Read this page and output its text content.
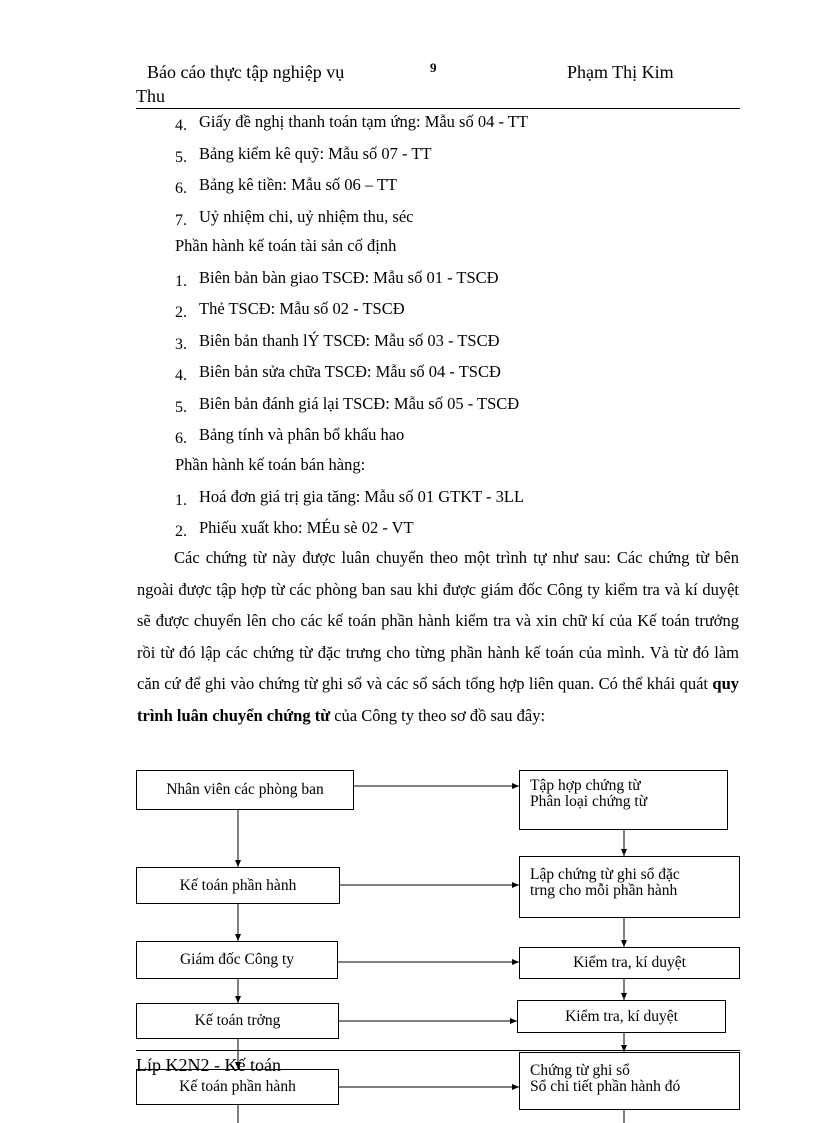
Báo cáo thực tập nghiệp vụ	9	Phạm Thị Kim
Thu
4. Giấy đề nghị thanh toán tạm ứng: Mẫu số 04 - TT
5. Bảng kiểm kê quỹ: Mẫu số 07 - TT
6. Bảng kê tiền: Mẫu số 06 – TT
7. Uỷ nhiệm chi, uỷ nhiệm thu, séc
Phần hành kế toán tài sản cố định
1. Biên bản bàn giao TSCĐ: Mẫu số 01 - TSCĐ
2. Thẻ TSCĐ: Mẫu số 02 - TSCĐ
3. Biên bản thanh lÝ TSCĐ: Mẫu số 03 - TSCĐ
4. Biên bản sửa chữa TSCĐ: Mẫu số 04 - TSCĐ
5. Biên bản đánh giá lại TSCĐ: Mẫu số 05 - TSCĐ
6. Bảng tính và phân bổ khấu hao
Phần hành kế toán bán hàng:
1. Hoá đơn giá trị gia tăng: Mẫu số 01 GTKT - 3LL
2. Phiếu xuất kho: MÉu sè 02 - VT
Các chứng từ này được luân chuyển theo một trình tự như sau: Các chứng từ bên ngoài được tập hợp từ các phòng ban sau khi được giám đốc Công ty kiểm tra và kí duyệt sẽ được chuyển lên cho các kế toán phần hành kiểm tra và xin chữ kí của Kế toán trưởng rồi từ đó lập các chứng từ đặc trưng cho từng phần hành kế toán của mình. Và từ đó làm căn cứ để ghi vào chứng từ ghi sổ và các sổ sách tổng hợp liên quan. Có thể khái quát quy trình luân chuyển chứng từ của Công ty theo sơ đồ sau đây:
Nhân viên các phòng ban
Kế toán phần hành
Giám đốc Công ty
Kế toán trởng
Kế toán phần hành
Tập hợp chứng từ
Phân loại chứng từ
Lập chứng từ ghi sổ đặc
trng cho mỗi phần hành
Kiểm tra, kí duyệt
Kiểm tra, kí duyệt
Chứng từ ghi sổ
Sổ chi tiết phần hành đó
Líp K2N2 - Kế toán
